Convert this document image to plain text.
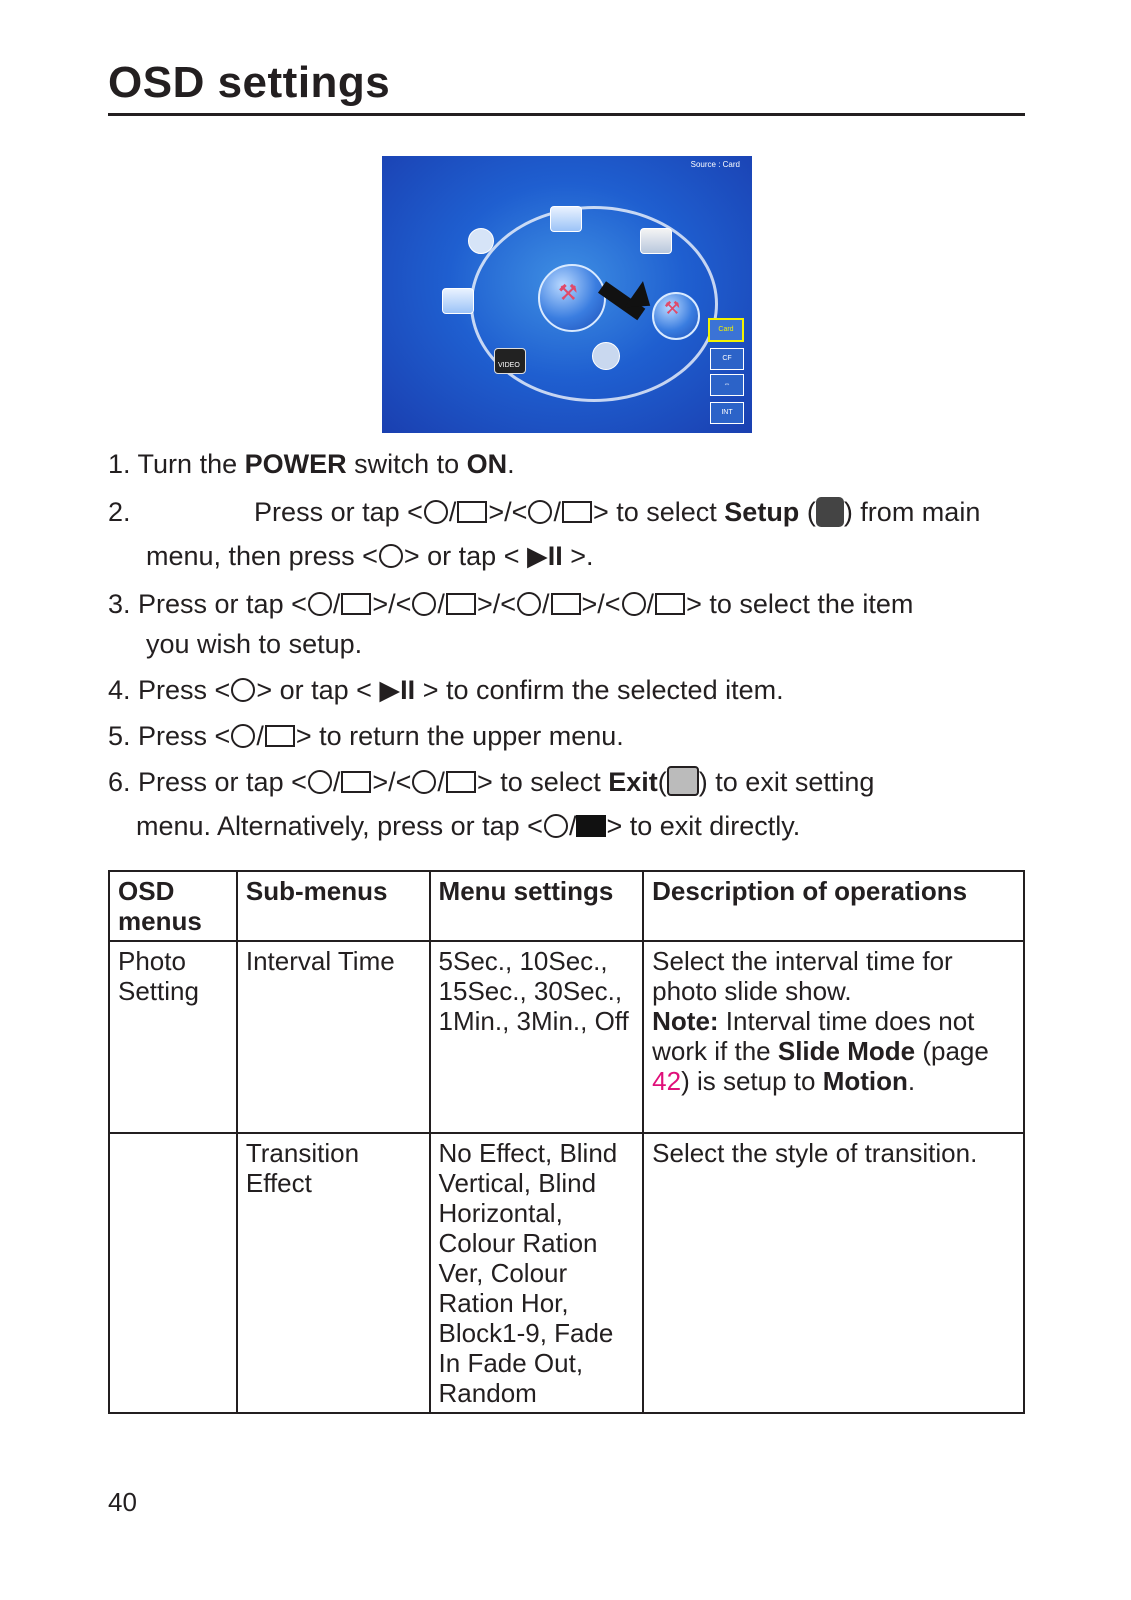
OSD settings
Source : Card
VIDEO
⚒
⚒
Card
CF
⇔
INT
1. Turn the POWER switch to ON.
2.	Press or tap < / >/< / > to select Setup ( ) from main
menu, then press < > or tap < ▶II >.
3. Press or tap < / >/< / >/< / >/< / > to select the item
you wish to setup.
4. Press < > or tap < ▶II > to confirm the selected item.
5. Press < / > to return the upper menu.
6. Press or tap < / >/< / > to select Exit( ) to exit setting
menu. Alternatively, press or tap < / > to exit directly.
OSD menus	Sub-menus	Menu settings	Description of operations
Photo Setting	Interval Time	5Sec., 10Sec., 15Sec., 30Sec., 1Min., 3Min., Off	Select the interval time for photo slide show.
Note: Interval time does not work if the Slide Mode (page 42) is setup to Motion.
	Transition Effect	No Effect, Blind Vertical, Blind Horizontal, Colour Ration Ver, Colour Ration Hor, Block1-9, Fade In Fade Out, Random	Select the style of transition.
40
